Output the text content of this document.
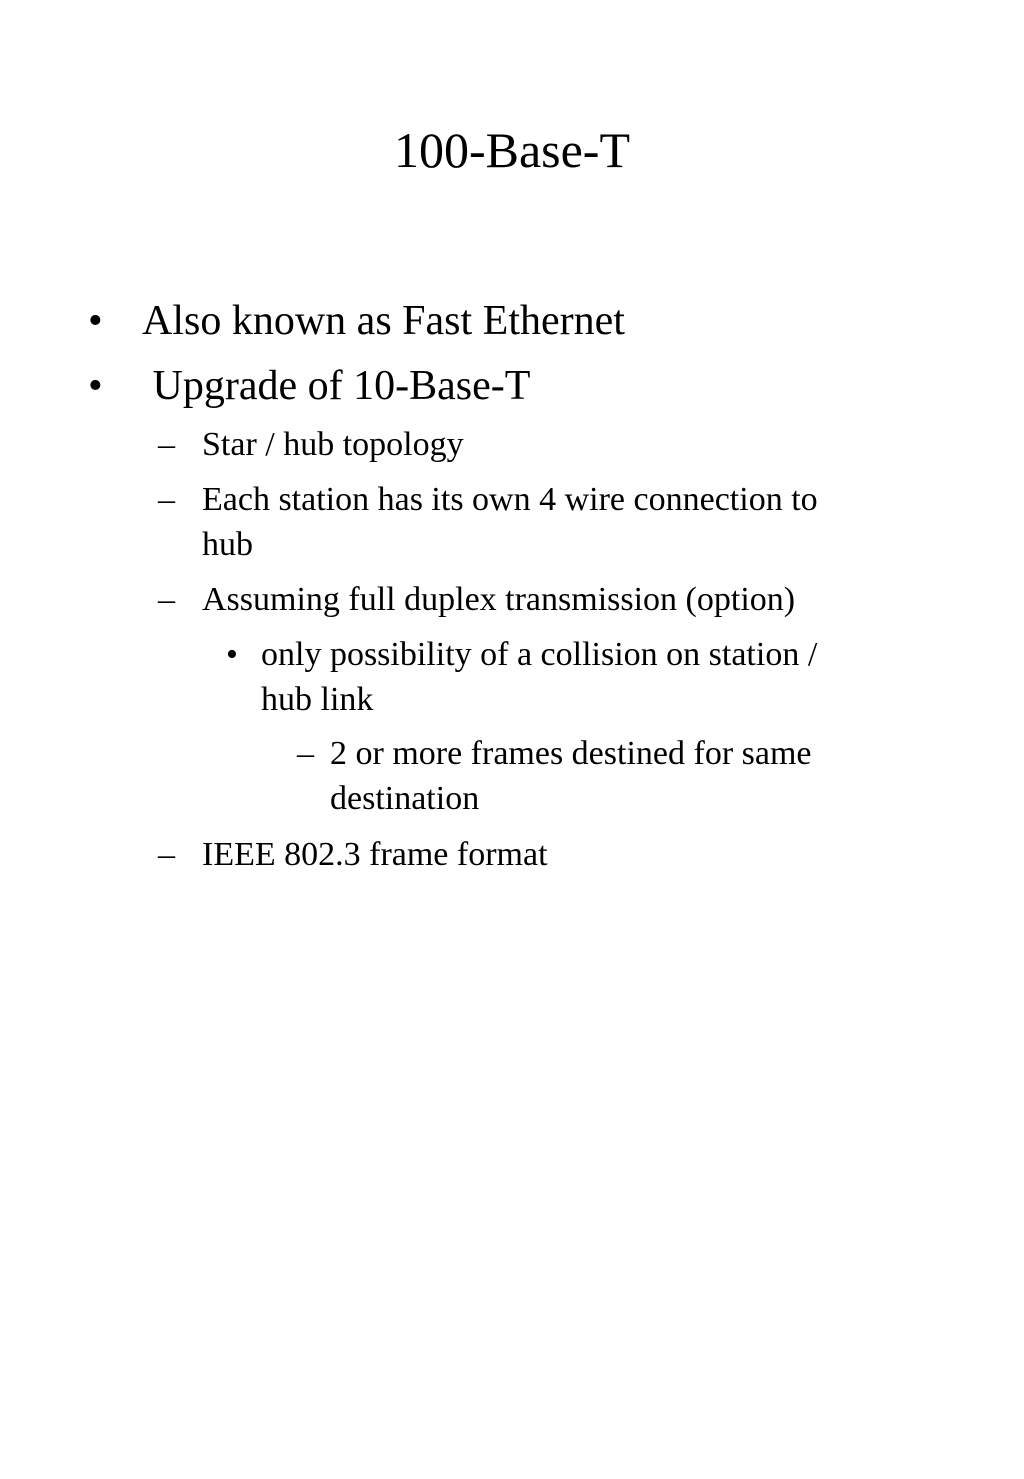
100-Base-T
• Also known as Fast Ethernet
• Upgrade of 10-Base-T
– Star / hub topology
– Each station has its own 4 wire connection to
hub
– Assuming full duplex transmission (option)
• only possibility of a collision on station /
hub link
– 2 or more frames destined for same
destination
– IEEE 802.3 frame format
